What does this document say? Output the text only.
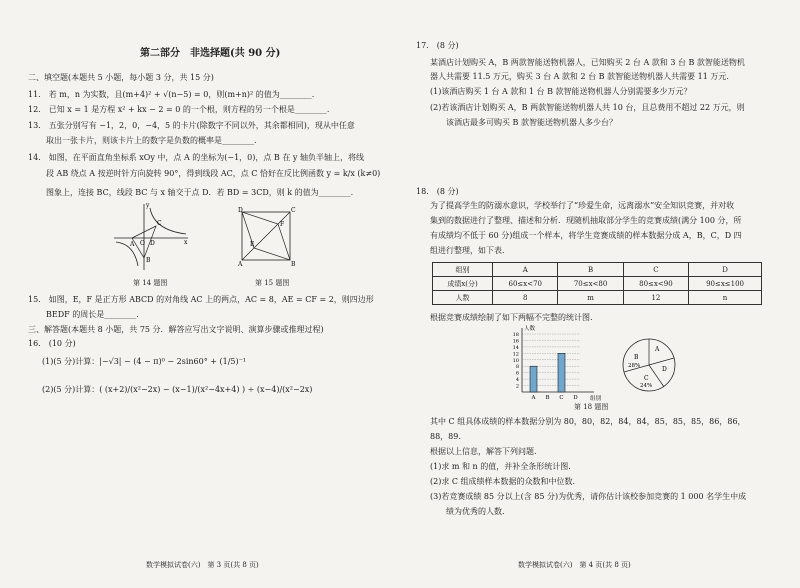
第二部分　非选择题(共 90 分)
二、填空题(本题共 5 小题，每小题 3 分，共 15 分)
11.　若 m，n 为实数，且(m+4)² + √(n−5) = 0，则(m+n)² 的值为________.
12.　已知 x = 1 是方程 x² + kx − 2 = 0 的一个根，则方程的另一个根是________.
13.　五张分别写有 −1，2，0，−4，5 的卡片(除数字不同以外，其余都相同)，现从中任意
取出一张卡片，则该卡片上的数字是负数的概率是________.
14.　如图，在平面直角坐标系 xOy 中，点 A 的坐标为(−1，0)，点 B 在 y 轴负半轴上，将线
段 AB 绕点 A 按逆时针方向旋转 90°，得到线段 AC，点 C 恰好在反比例函数 y = k/x (k≠0)
图象上，连接 BC，线段 BC 与 x 轴交于点 D．若 BD = 3CD，则 k 的值为________.
A
B
C
D
O	x
y
第 14 题图
D	C
A	B
E
F
第 15 题图
15.　如图，E，F 是正方形 ABCD 的对角线 AC 上的两点，AC = 8，AE = CF = 2，则四边形
BEDF 的周长是________.
三、解答题(本题共 8 小题，共 75 分．解答应写出文字说明、演算步骤或推理过程)
16.　(10 分)
(1)(5 分)计算：|−√3| − (4 − π)⁰ − 2sin60° + (1/5)⁻¹
(2)(5 分)计算：( (x+2)/(x²−2x) − (x−1)/(x²−4x+4) ) ÷ (x−4)/(x²−2x)
数学模拟试卷(六)　第 3 页(共 8 页)
17.　(8 分)
某酒店计划购买 A，B 两款智能送物机器人，已知购买 2 台 A 款和 3 台 B 款智能送物机
器人共需要 11.5 万元，购买 3 台 A 款和 2 台 B 款智能送物机器人共需要 11 万元.
(1)该酒店购买 1 台 A 款和 1 台 B 款智能送物机器人分别需要多少万元？
(2)若该酒店计划购买 A，B 两款智能送物机器人共 10 台，且总费用不超过 22 万元，则
该酒店最多可购买 B 款智能送物机器人多少台？
18.　(8 分)
为了提高学生的防溺水意识，学校举行了“珍爱生命，远离溺水”安全知识竞赛，并对收
集到的数据进行了整理、描述和分析．现随机抽取部分学生的竞赛成绩(满分 100 分，所
有成绩均不低于 60 分)组成一个样本，将学生竞赛成绩的样本数据分成 A，B，C，D 四
组进行整理，如下表.
组别	A	B	C	D
成绩x(分)	60≤x<70	70≤x<80	80≤x<90	90≤x≤100
人数	8	m	12	n
根据竞赛成绩绘制了如下两幅不完整的统计图.
2
4
6
8
10
12
14
16
18
人数
组别
A B C D
A
D
B
28%
C
24%
第 18 题图
其中 C 组具体成绩的样本数据分别为 80，80，82，84，84，85，85，85，86，86，
88，89.
根据以上信息，解答下列问题.
(1)求 m 和 n 的值，并补全条形统计图.
(2)求 C 组成绩样本数据的众数和中位数.
(3)若竞赛成绩 85 分以上(含 85 分)为优秀，请你估计该校参加竞赛的 1 000 名学生中成
绩为优秀的人数.
数学模拟试卷(六)　第 4 页(共 8 页)
